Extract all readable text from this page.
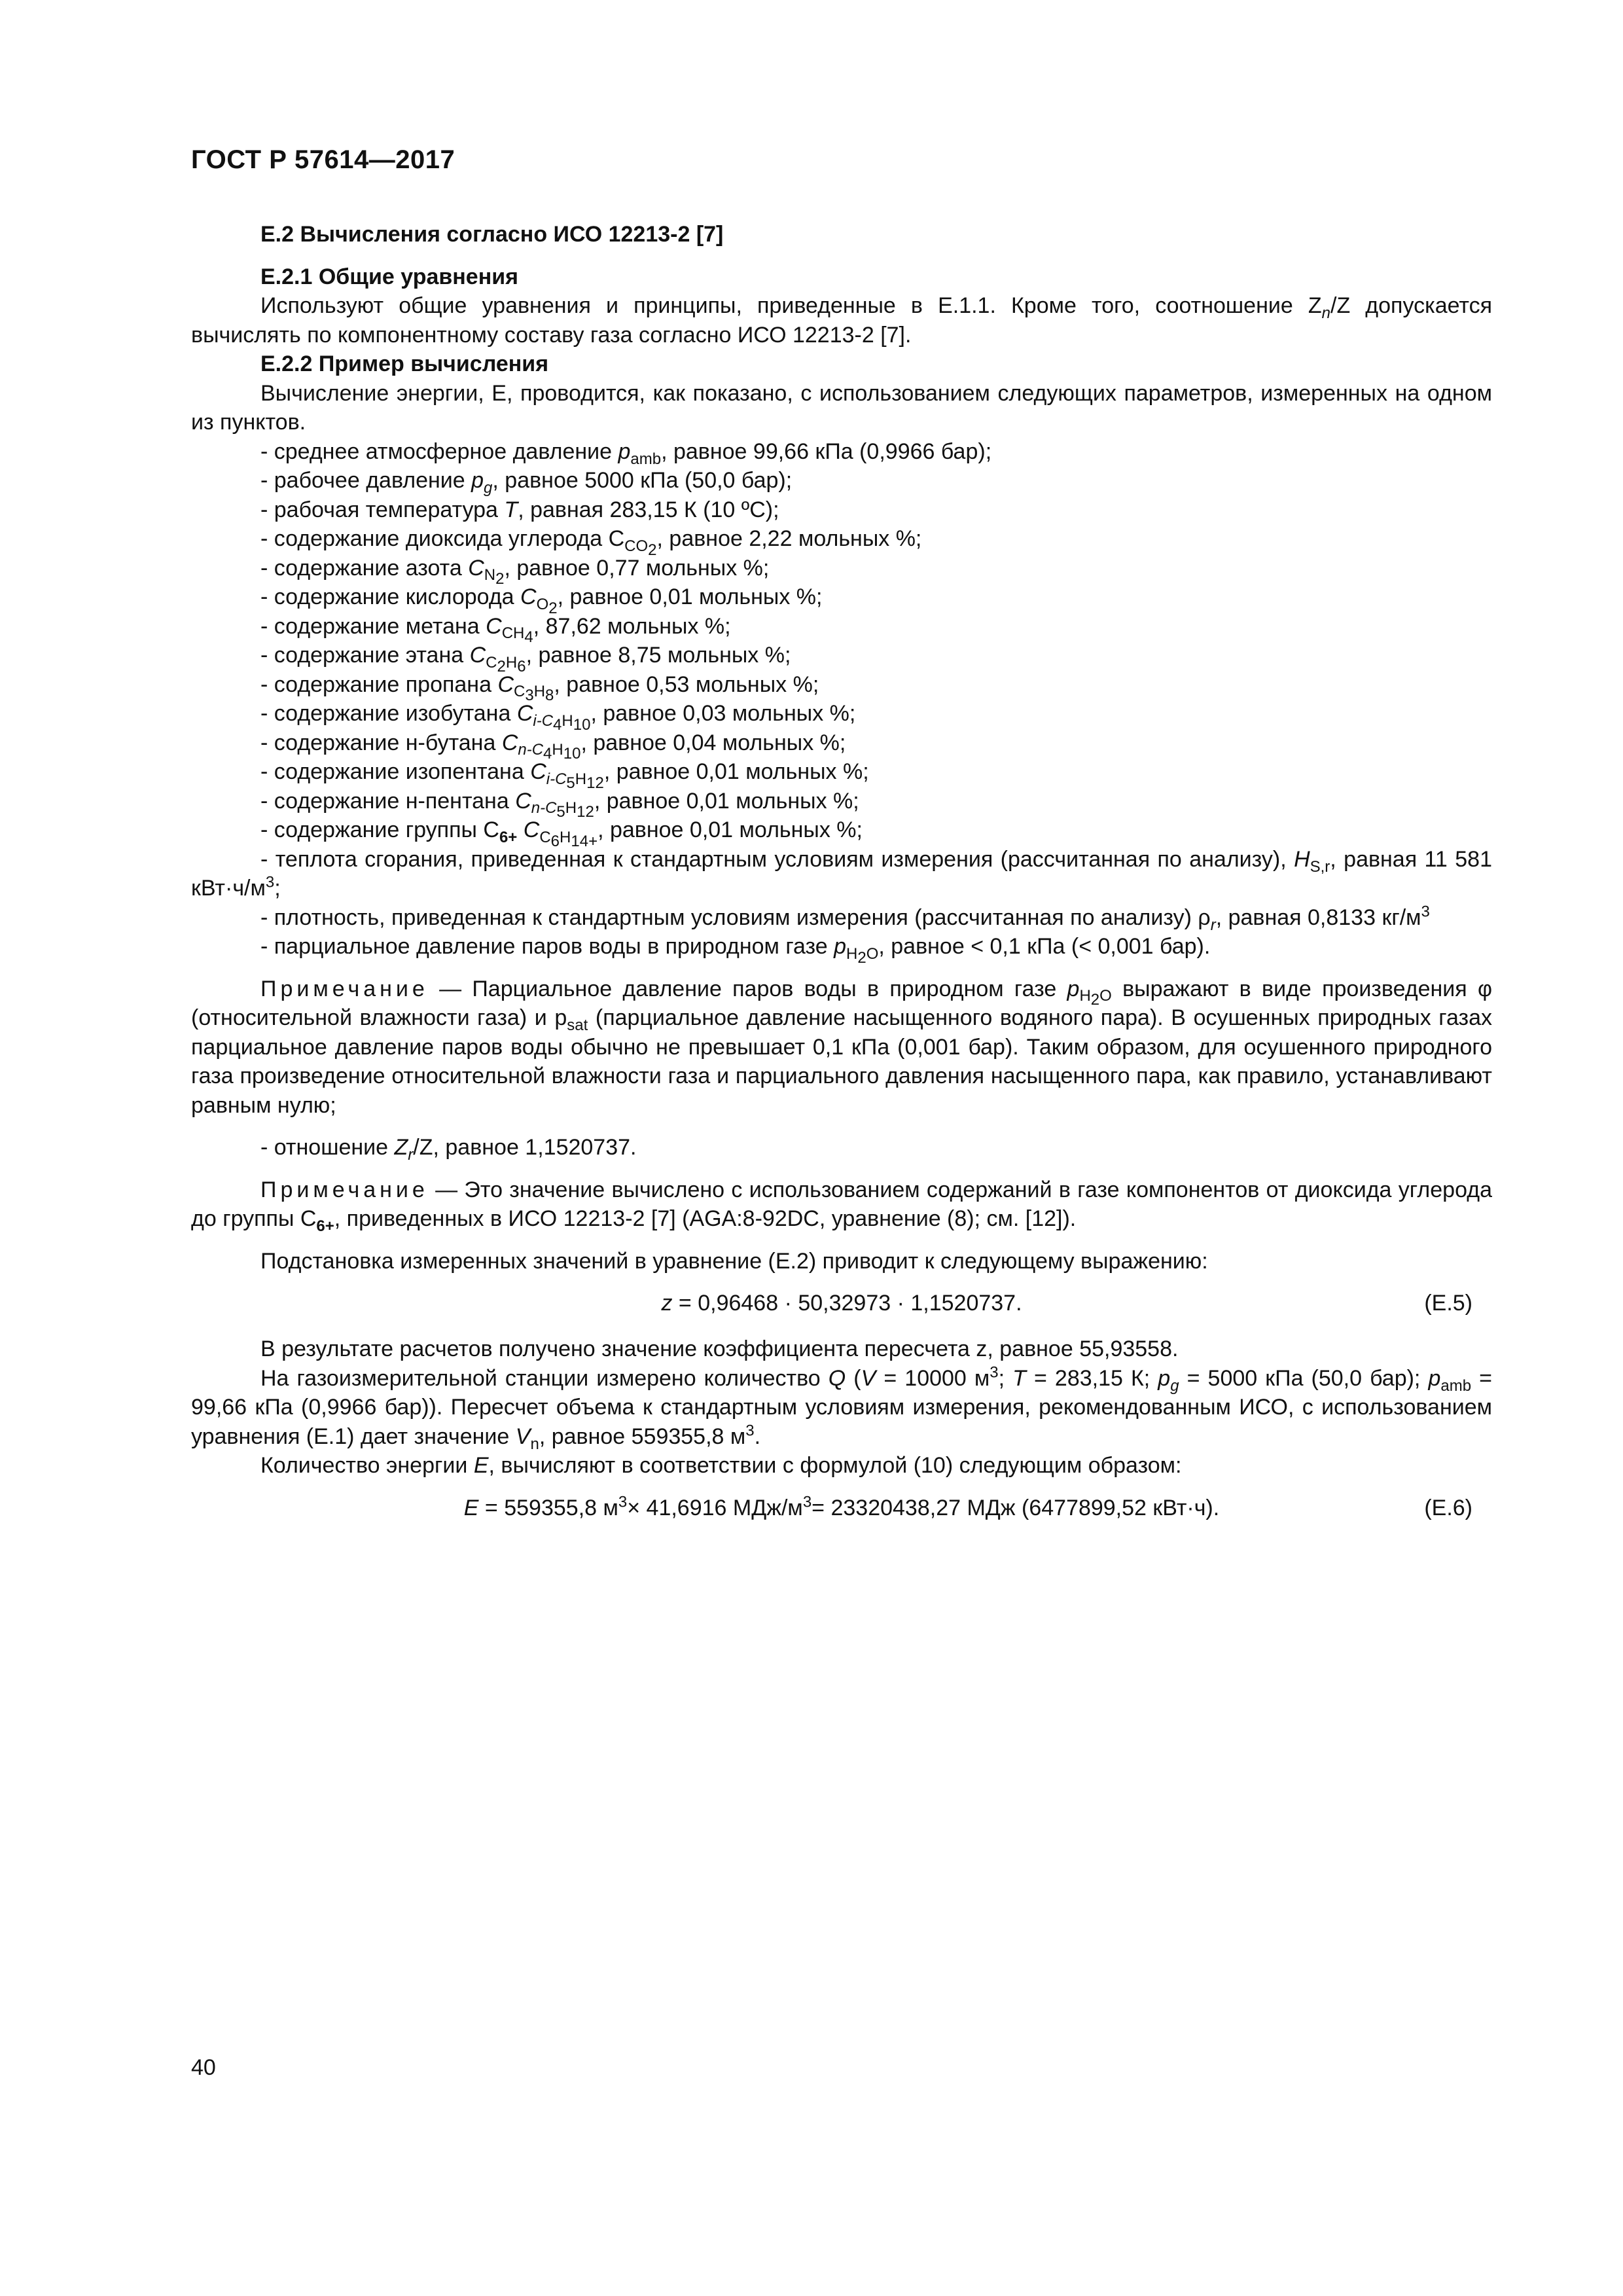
ГОСТ Р 57614—2017

Е.2 Вычисления согласно ИСО 12213-2 [7]

Е.2.1 Общие уравнения

Используют общие уравнения и принципы, приведенные в Е.1.1. Кроме того, соотношение $Z_n/Z$ допускается вычислять по компонентному составу газа согласно ИСО 12213-2 [7].

Е.2.2 Пример вычисления

Вычисление энергии, Е, проводится, как показано, с использованием следующих параметров, измеренных на одном из пунктов.

- среднее атмосферное давление $p_{amb}$, равное 99,66 кПа (0,9966 бар);

- рабочее давление $p_g$, равное 5000 кПа (50,0 бар);

- рабочая температура T, равная 283,15 К (10 ºС);

- содержание диоксида углерода $C_{CO_2}$, равное 2,22 мольных %;

- содержание азота $C_{N_2}$, равное 0,77 мольных %;

- содержание кислорода $C_{O_2}$, равное 0,01 мольных %;

- содержание метана $C_{CH_4}$, 87,62 мольных %;

- содержание этана $C_{C_2H_6}$, равное 8,75 мольных %;

- содержание пропана $C_{C_3H_8}$, равное 0,53 мольных %;

- содержание изобутана $C_{i-C_4H_{10}}$, равное 0,03 мольных %;

- содержание н-бутана $C_{n-C_4H_{10}}$, равное 0,04 мольных %;

- содержание изопентана $C_{i-C_5H_{12}}$, равное 0,01 мольных %;

- содержание н-пентана $C_{n-C_5H_{12}}$, равное 0,01 мольных %;

- содержание группы $C_{6+}$ $C_{C_6H_{14+}}$, равное 0,01 мольных %;

- теплота сгорания, приведенная к стандартным условиям измерения (рассчитанная по анализу), $H_{S,r}$, равная 11 581 $кВт\cdot ч/м^3$;

- плотность, приведенная к стандартным условиям измерения (рассчитанная по анализу) $\rho_r$, равная 0,8133 $кг/м^3$

- парциальное давление паров воды в природном газе $p_{H_2O}$, равное < 0,1 кПа (< 0,001 бар).

Примечание — Парциальное давление паров воды в природном газе $p_{H_2O}$ выражают в виде произведения φ (относительной влажности газа) и $p_{sat}$ (парциальное давление насыщенного водяного пара). В осушенных природных газах парциальное давление паров воды обычно не превышает 0,1 кПа (0,001 бар). Таким образом, для осушенного природного газа произведение относительной влажности газа и парциального давления насыщенного пара, как правило, устанавливают равным нулю;

- отношение $Z_r/Z$, равное 1,1520737.

Примечание — Это значение вычислено с использованием содержаний в газе компонентов от диоксида углерода до группы $C_{6+}$, приведенных в ИСО 12213-2 [7] (AGA:8-92DC, уравнение (8); см. [12]).

Подстановка измеренных значений в уравнение (Е.2) приводит к следующему выражению:

z = 0,96468 · 50,32973 · 1,1520737.	(Е.5)

В результате расчетов получено значение коэффициента пересчета z, равное 55,93558.

На газоизмерительной станции измерено количество Q (V = 10000 $м^3$; T = 283,15 К; $p_g = 5000$ кПа (50,0 бар); $p_{amb} = 99,66$ кПа (0,9966 бар)). Пересчет объема к стандартным условиям измерения, рекомендованным ИСО, с использованием уравнения (Е.1) дает значение $V_n$, равное 559355,8 $м^3$.

Количество энергии E, вычисляют в соответствии с формулой (10) следующим образом:

E = 559355,8 $м^3\times 41,6916$ МДж/$м^3= 23320438,27$ МДж (6477899,52 кВт·ч).	(Е.6)
40
